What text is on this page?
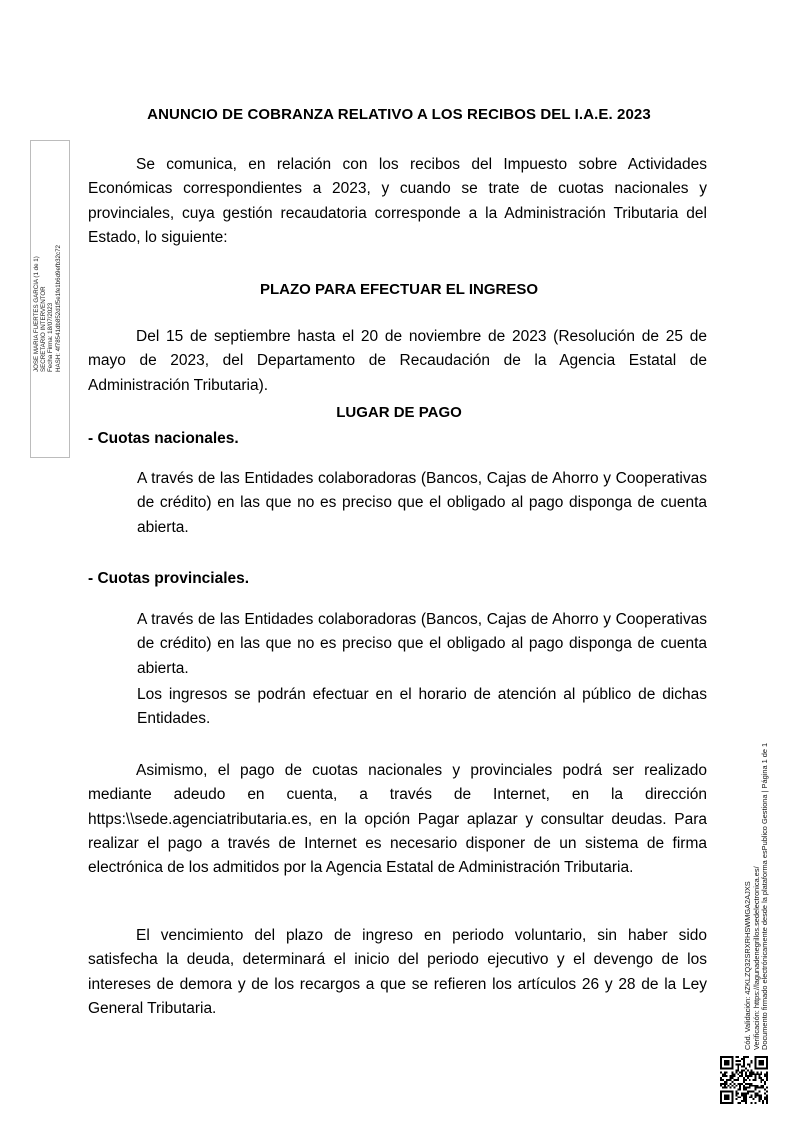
JOSE MARIA FUERTES GARCIA (1 de 1) SECRETARIO INTERVENTOR Fecha Firma: 18/07/2023 HASH: 4f78541db852d1f5e1fe1b6d9efb32c72
ANUNCIO DE COBRANZA RELATIVO A LOS RECIBOS DEL I.A.E. 2023

Se comunica, en relación con los recibos del Impuesto sobre Actividades Económicas correspondientes a 2023, y cuando se trate de cuotas nacionales y provinciales, cuya gestión recaudatoria corresponde a la Administración Tributaria del Estado, lo siguiente:

PLAZO PARA EFECTUAR EL INGRESO

Del 15 de septiembre hasta el 20 de noviembre de 2023 (Resolución de 25 de mayo de 2023, del Departamento de Recaudación de la Agencia Estatal de Administración Tributaria).

LUGAR DE PAGO
- Cuotas nacionales.

A través de las Entidades colaboradoras (Bancos, Cajas de Ahorro y Cooperativas de crédito) en las que no es preciso que el obligado al pago disponga de cuenta abierta.

- Cuotas provinciales.

A través de las Entidades colaboradoras (Bancos, Cajas de Ahorro y Cooperativas de crédito) en las que no es preciso que el obligado al pago disponga de cuenta abierta.

Los ingresos se podrán efectuar en el horario de atención al público de dichas Entidades.

Asimismo, el pago de cuotas nacionales y provinciales podrá ser realizado mediante adeudo en cuenta, a través de Internet, en la dirección https:\\sede.agenciatributaria.es, en la opción Pagar aplazar y consultar deudas. Para realizar el pago a través de Internet es necesario disponer de un sistema de firma electrónica de los admitidos por la Agencia Estatal de Administración Tributaria.

El vencimiento del plazo de ingreso en periodo voluntario, sin haber sido satisfecha la deuda, determinará el inicio del periodo ejecutivo y el devengo de los intereses de demora y de los recargos a que se refieren los artículos 26 y 28 de la Ley General Tributaria.	Cód. Validación: 4ZKLZQ32SRXRHSWMGA2AJXS Verificación: https://lagunadenegrillos.sedelectronica.es/ Documento firmado electrónicamente desde la plataforma esPublico Gestiona | Página 1 de 1
